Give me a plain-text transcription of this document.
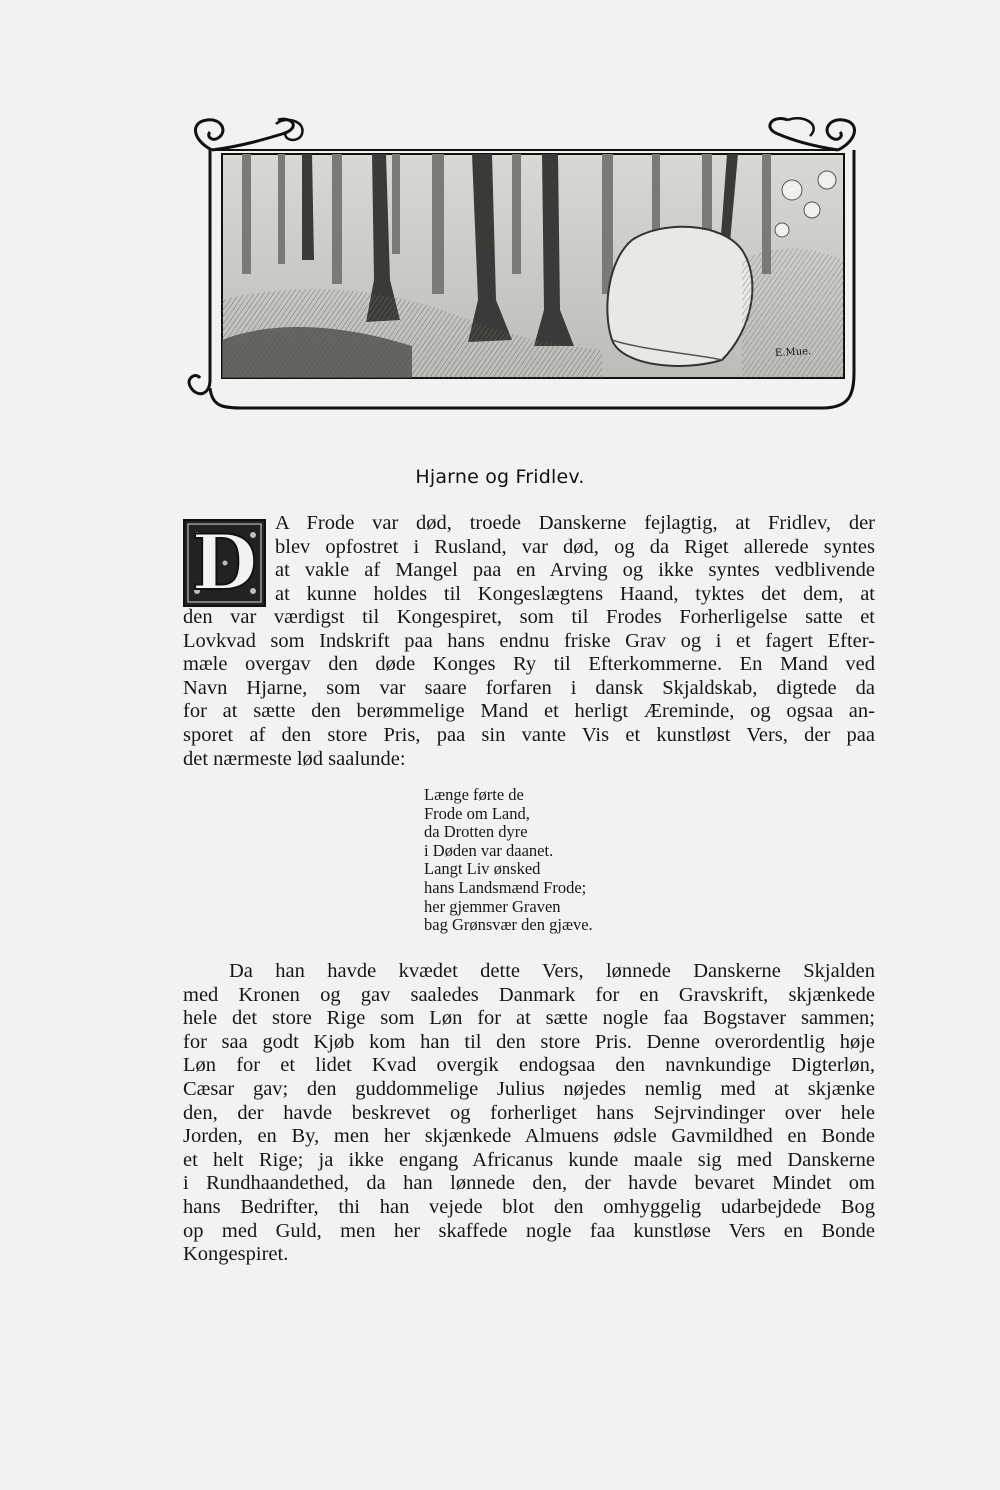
E.Mue.
Hjarne og Fridlev.
D A Frode var død, troede Danskerne fejlagtig, at Fridlev, der
blev opfostret i Rusland, var død, og da Riget allerede syntes
at vakle af Mangel paa en Arving og ikke syntes vedblivende
at kunne holdes til Kongeslægtens Haand, tyktes det dem, at
den var værdigst til Kongespiret, som til Frodes Forherligelse satte et
Lovkvad som Indskrift paa hans endnu friske Grav og i et fagert Efter-
mæle overgav den døde Konges Ry til Efterkommerne. En Mand ved
Navn Hjarne, som var saare forfaren i dansk Skjaldskab, digtede da
for at sætte den berømmelige Mand et herligt Æreminde, og ogsaa an-
sporet af den store Pris, paa sin vante Vis et kunstløst Vers, der paa
det nærmeste lød saalunde:
Længe førte de
Frode om Land,
da Drotten dyre
i Døden var daanet.
Langt Liv ønsked
hans Landsmænd Frode;
her gjemmer Graven
bag Grønsvær den gjæve.
Da han havde kvædet dette Vers, lønnede Danskerne Skjalden
med Kronen og gav saaledes Danmark for en Gravskrift, skjænkede
hele det store Rige som Løn for at sætte nogle faa Bogstaver sammen;
for saa godt Kjøb kom han til den store Pris. Denne overordentlig høje
Løn for et lidet Kvad overgik endogsaa den navnkundige Digterløn,
Cæsar gav; den guddommelige Julius nøjedes nemlig med at skjænke
den, der havde beskrevet og forherliget hans Sejrvindinger over hele
Jorden, en By, men her skjænkede Almuens ødsle Gavmildhed en Bonde
et helt Rige; ja ikke engang Africanus kunde maale sig med Danskerne
i Rundhaandethed, da han lønnede den, der havde bevaret Mindet om
hans Bedrifter, thi han vejede blot den omhyggelig udarbejdede Bog
op med Guld, men her skaffede nogle faa kunstløse Vers en Bonde
Kongespiret.
